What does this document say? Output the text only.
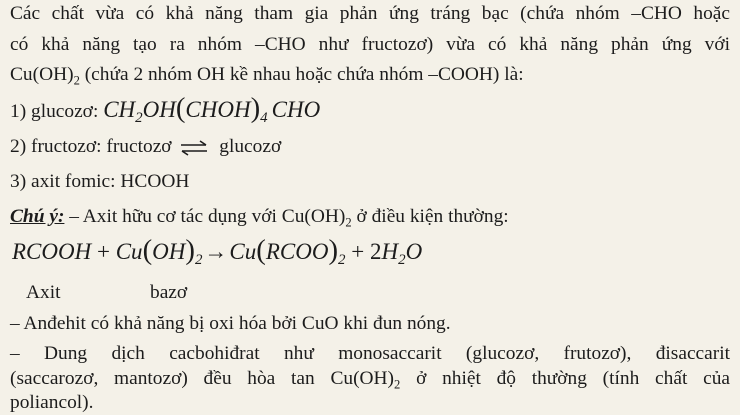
Các chất vừa có khả năng tham gia phản ứng tráng bạc (chứa nhóm –CHO hoặc
có khả năng tạo ra nhóm –CHO như fructozơ) vừa có khả năng phản ứng với
$Cu(OH)_2$ (chứa 2 nhóm OH kề nhau hoặc chứa nhóm –COOH) là:
1) glucozơ: $CH_2OH(CHOH)_4$ CHO
2) fructozơ: fructozơ ⇌ glucozơ
3) axit fomic: HCOOH
Chú ý: – Axit hữu cơ tác dụng với $Cu(OH)_2$ ở điều kiện thường:
RCOOH + $Cu(OH)_2\to Cu(RCOO)_2 + 2H_2O$
Axit	bazơ
– Anđehit có khả năng bị oxi hóa bởi CuO khi đun nóng.
– Dung dịch cacbohiđrat như monosaccarit (glucozơ, frutozơ), đisaccarit
(saccarozơ, mantozơ) đều hòa $\tan Cu(OH)_2$ ở nhiệt độ thường (tính chất của
poliancol).
